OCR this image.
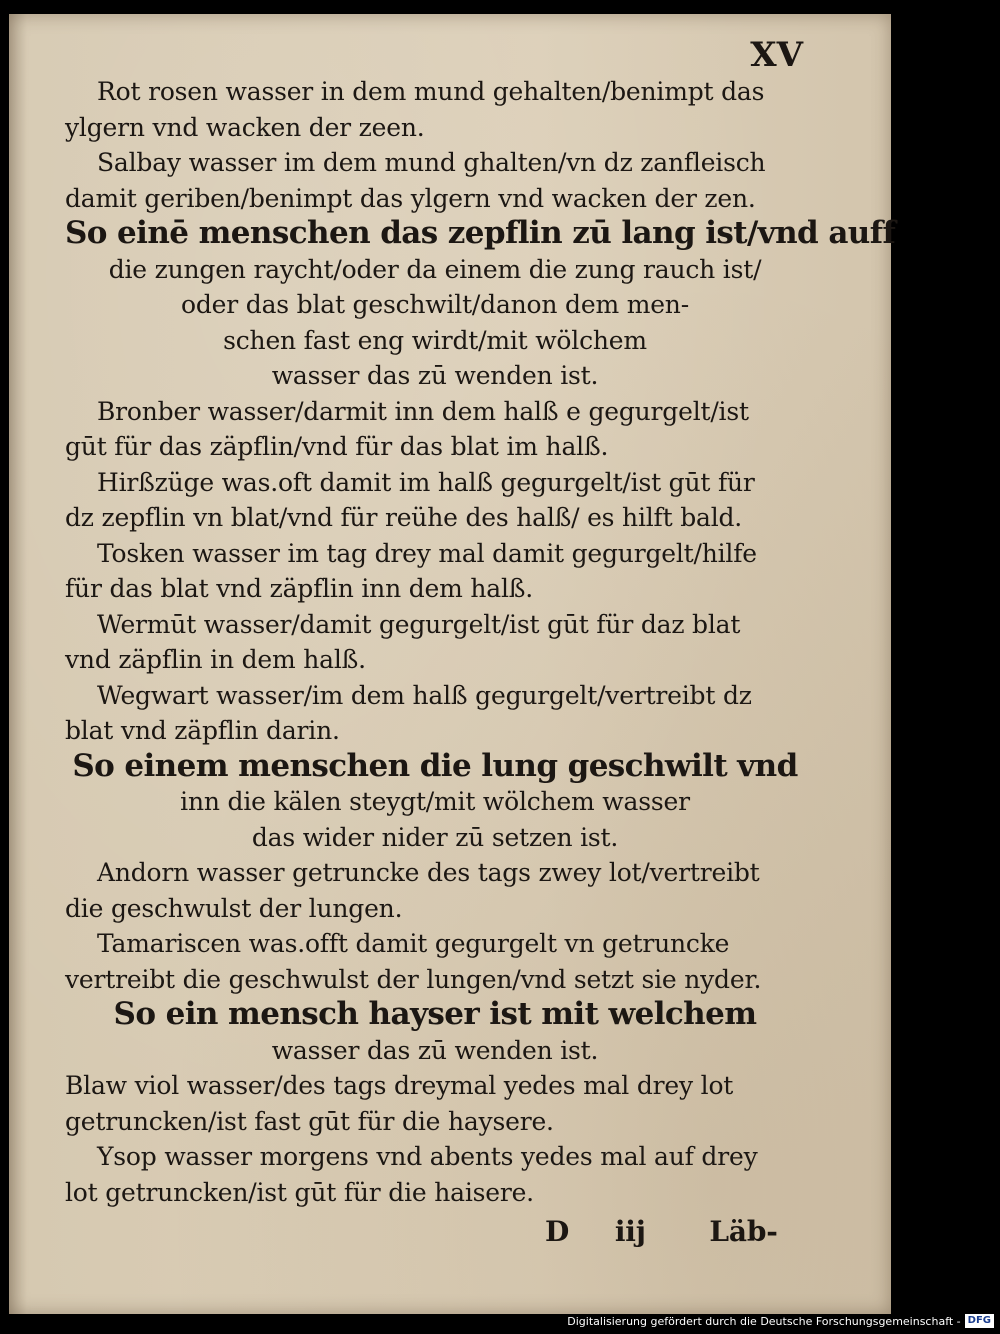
XV
Rot rosen wasser in dem mund gehalten/benimpt das
ylgern vnd wacken der zeen.
Salbay wasser im dem mund ghalten/vn dz zanfleisch
damit geriben/benimpt das ylgern vnd wacken der zen.
So einē menschen das zepflin zū lang ist/vnd auff
die zungen raycht/oder da einem die zung rauch ist/
oder das blat geschwilt/danon dem men-
schen fast eng wirdt/mit wölchem
wasser das zū wenden ist.
Bronber wasser/darmit inn dem halß e gegurgelt/ist
gūt für das zäpflin/vnd für das blat im halß.
Hirßzüge was.oft damit im halß gegurgelt/ist gūt für
dz zepflin vn blat/vnd für reühe des halß/ es hilft bald.
Tosken wasser im tag drey mal damit gegurgelt/hilfe
für das blat vnd zäpflin inn dem halß.
Wermūt wasser/damit gegurgelt/ist gūt für daz blat
vnd zäpflin in dem halß.
Wegwart wasser/im dem halß gegurgelt/vertreibt dz
blat vnd zäpflin darin.
So einem menschen die lung geschwilt vnd
inn die kälen steygt/mit wölchem wasser
das wider nider zū setzen ist.
Andorn wasser getruncke des tags zwey lot/vertreibt
die geschwulst der lungen.
Tamariscen was.offt damit gegurgelt vn getruncke
vertreibt die geschwulst der lungen/vnd setzt sie nyder.
So ein mensch hayser ist mit welchem
wasser das zū wenden ist.
Blaw viol wasser/des tags dreymal yedes mal drey lot
getruncken/ist fast gūt für die haysere.
Ysop wasser morgens vnd abents yedes mal auf drey
lot getruncken/ist gūt für die haisere.
D iij Läb-
Digitalisierung gefördert durch die Deutsche Forschungsgemeinschaft - DFG
